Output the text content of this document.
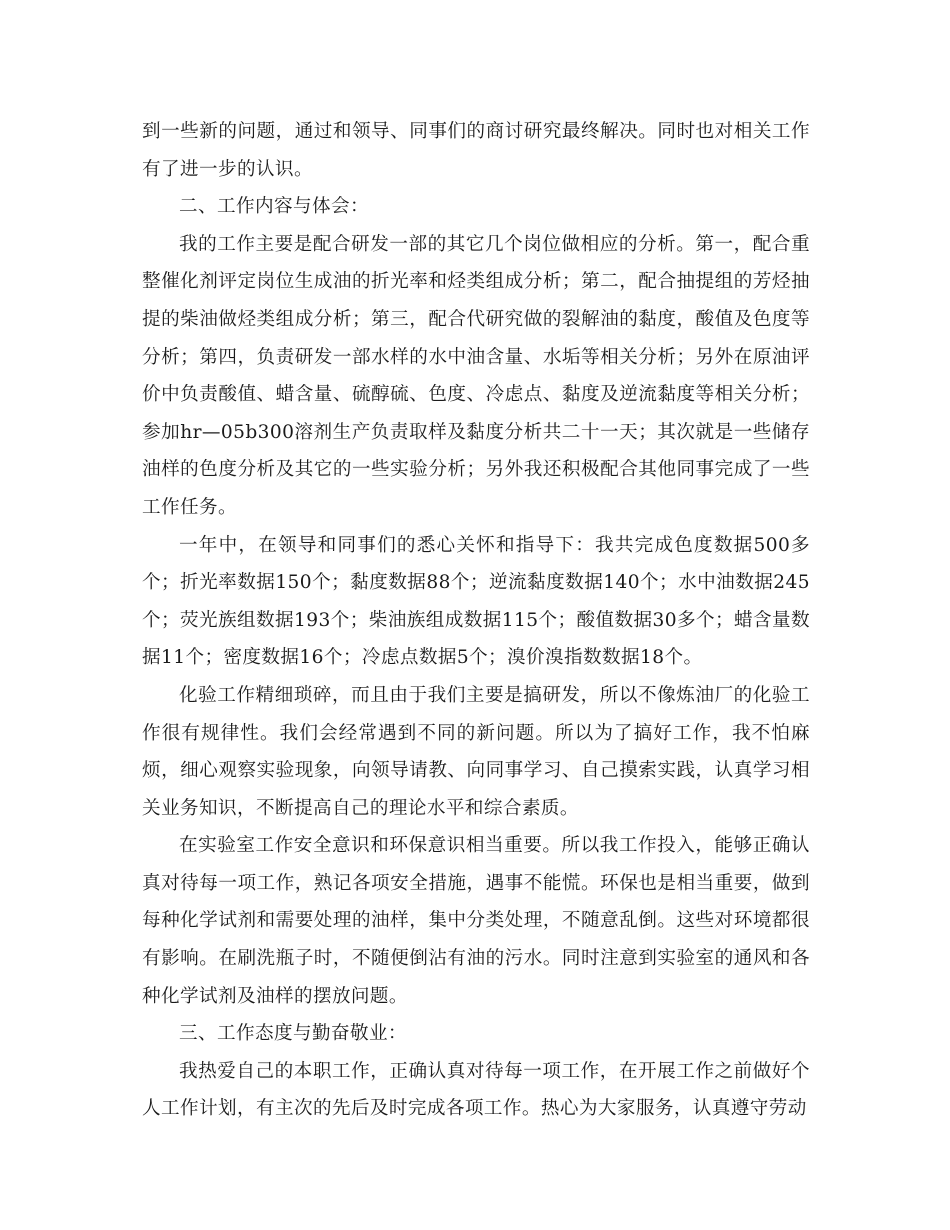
到一些新的问题，通过和领导、同事们的商讨研究最终解决。同时也对相关工作有了进一步的认识。

二、工作内容与体会：

我的工作主要是配合研发一部的其它几个岗位做相应的分析。第一，配合重整催化剂评定岗位生成油的折光率和烃类组成分析；第二，配合抽提组的芳烃抽提的柴油做烃类组成分析；第三，配合代研究做的裂解油的黏度，酸值及色度等分析；第四，负责研发一部水样的水中油含量、水垢等相关分析；另外在原油评价中负责酸值、蜡含量、硫醇硫、色度、冷虑点、黏度及逆流黏度等相关分析；参加hr—05b300溶剂生产负责取样及黏度分析共二十一天；其次就是一些储存油样的色度分析及其它的一些实验分析；另外我还积极配合其他同事完成了一些工作任务。

一年中，在领导和同事们的悉心关怀和指导下：我共完成色度数据500多个；折光率数据150个；黏度数据88个；逆流黏度数据140个；水中油数据245个；荧光族组数据193个；柴油族组成数据115个；酸值数据30多个；蜡含量数据11个；密度数据16个；冷虑点数据5个；溴价溴指数数据18个。

化验工作精细琐碎，而且由于我们主要是搞研发，所以不像炼油厂的化验工作很有规律性。我们会经常遇到不同的新问题。所以为了搞好工作，我不怕麻烦，细心观察实验现象，向领导请教、向同事学习、自己摸索实践，认真学习相关业务知识，不断提高自己的理论水平和综合素质。

在实验室工作安全意识和环保意识相当重要。所以我工作投入，能够正确认真对待每一项工作，熟记各项安全措施，遇事不能慌。环保也是相当重要，做到每种化学试剂和需要处理的油样，集中分类处理，不随意乱倒。这些对环境都很有影响。在刷洗瓶子时，不随便倒沾有油的污水。同时注意到实验室的通风和各种化学试剂及油样的摆放问题。

三、工作态度与勤奋敬业：

我热爱自己的本职工作，正确认真对待每一项工作，在开展工作之前做好个人工作计划，有主次的先后及时完成各项工作。热心为大家服务，认真遵守劳动
